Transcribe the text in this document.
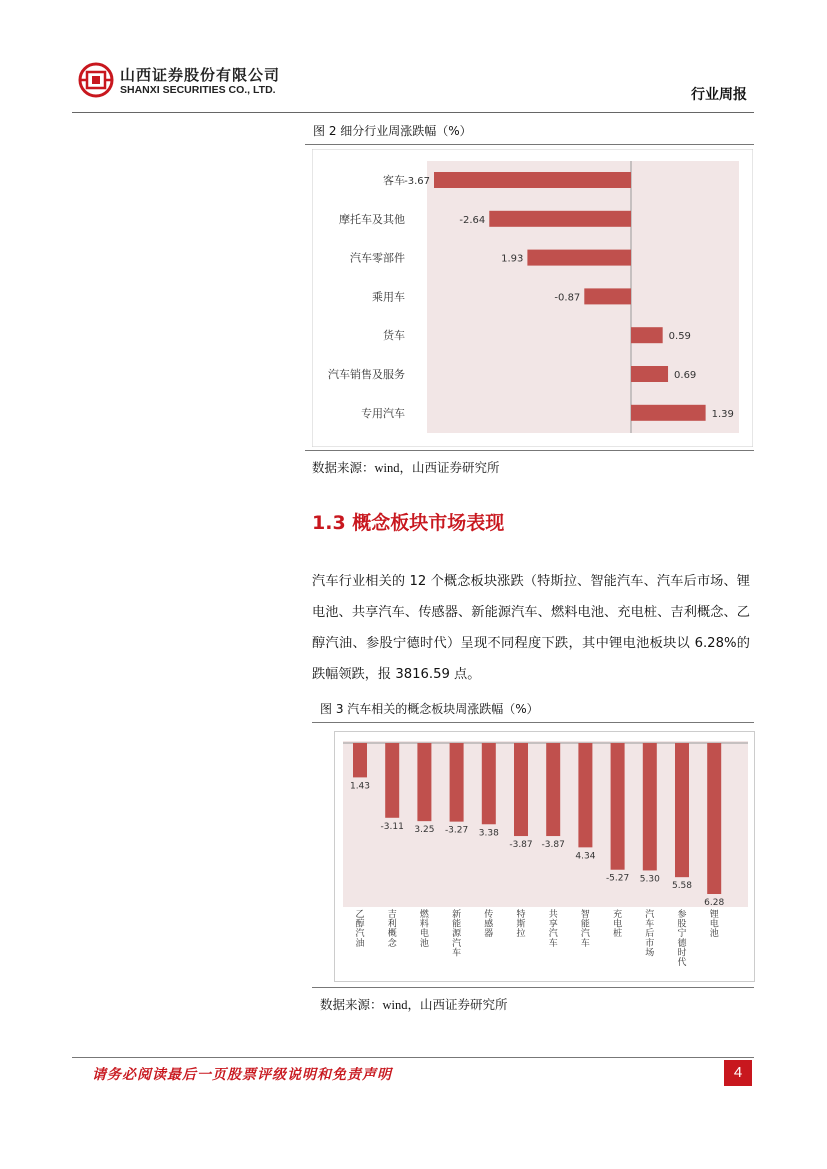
山西证券股份有限公司
SHANXI SECURITIES CO., LTD.	行业周报
图 2 细分行业周涨跌幅（%）
客车 -3.67
摩托车及其他	-2.64
汽车零部件	1.93
乘用车	-0.87
货车	0.59
汽车销售及服务	0.69
专用汽车	1.39
数据来源：wind，山西证券研究所
1.3 概念板块市场表现
汽车行业相关的 12 个概念板块涨跌（特斯拉、智能汽车、汽车后市场、锂电池、共享汽车、传感器、新能源汽车、燃料电池、充电桩、吉利概念、乙醇汽油、参股宁德时代）呈现不同程度下跌，其中锂电池板块以 6.28%的跌幅领跌，报 3816.59 点。
图 3 汽车相关的概念板块周涨跌幅（%）
1.43
乙醇汽油
-3.11
吉利概念
3.25
燃料电池
-3.27
新能源汽车
3.38
传感器
-3.87
特斯拉
-3.87
共享汽车
4.34
智能汽车
-5.27
充电桩
5.30
汽车后市场
5.58
参股宁德时代
6.28
锂电池
数据来源：wind，山西证券研究所
请务必阅读最后一页股票评级说明和免责声明	4
